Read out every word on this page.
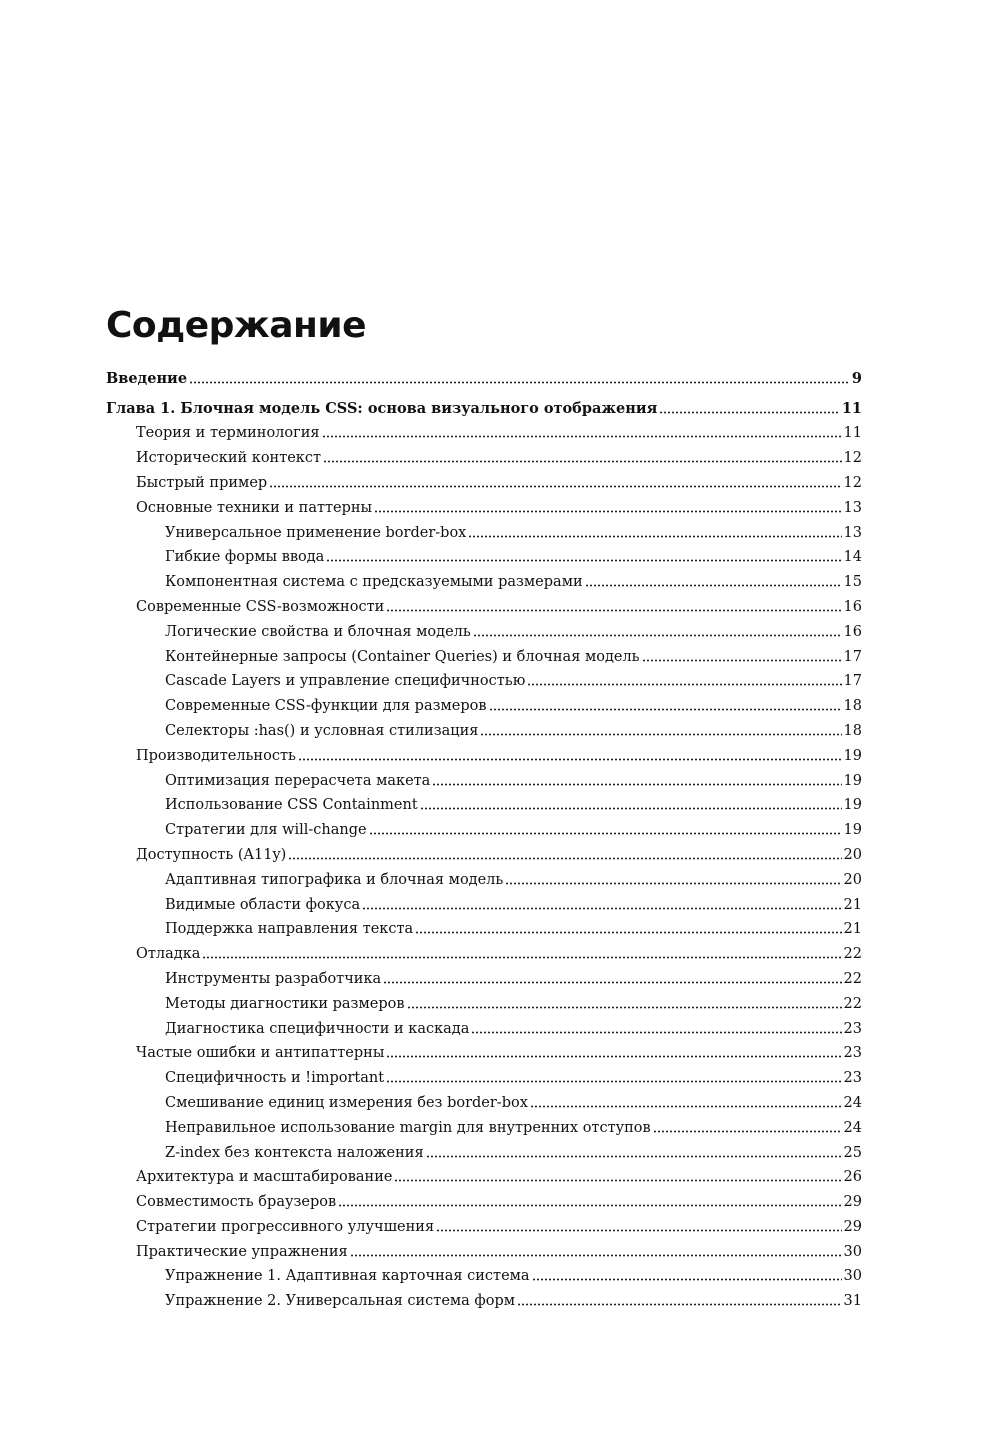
Содержание
Введение	9
Глава 1. Блочная модель CSS: основа визуального отображения	11
Теория и терминология	11
Исторический контекст	12
Быстрый пример	12
Основные техники и паттерны	13
Универсальное применение border-box	13
Гибкие формы ввода	14
Компонентная система с предсказуемыми размерами	15
Современные CSS-возможности	16
Логические свойства и блочная модель	16
Контейнерные запросы (Container Queries) и блочная модель	17
Cascade Layers и управление специфичностью	17
Современные CSS-функции для размеров	18
Селекторы :has() и условная стилизация	18
Производительность	19
Оптимизация перерасчета макета	19
Использование CSS Containment	19
Стратегии для will-change	19
Доступность (A11y)	20
Адаптивная типографика и блочная модель	20
Видимые области фокуса	21
Поддержка направления текста	21
Отладка	22
Инструменты разработчика	22
Методы диагностики размеров	22
Диагностика специфичности и каскада	23
Частые ошибки и антипаттерны	23
Специфичность и !important	23
Смешивание единиц измерения без border-box	24
Неправильное использование margin для внутренних отступов	24
Z-index без контекста наложения	25
Архитектура и масштабирование	26
Совместимость браузеров	29
Стратегии прогрессивного улучшения	29
Практические упражнения	30
Упражнение 1. Адаптивная карточная система	30
Упражнение 2. Универсальная система форм	31
